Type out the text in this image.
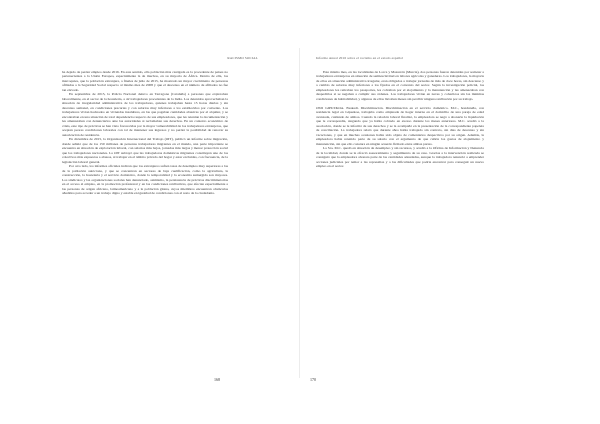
RACISMO SOCIAL

ha dejado de perder empleo desde 2016. En este sentido, ella población más castigada es la procedente de países no pertenecientes a la Unión Europea, especialmente la de muchos, en su mayoría de África. Dentro de ella, los marroquíes, que la población extranjera, a finales de julio de 2015, ha mostrado un mayor crecimiento de personas afiliadas a la Seguridad Social respecto al mismo mes de 2008 y que el descenso en el número de afiliados no fue tan elevado.

En septiembre de 2015, la Policía Nacional detuvo en Tarragona (Cataluña) a personas que explotaban laboralmente, en el sector de la hostelería, a 42 trabajadores procedentes de la India. Los detenidos aprovechaban la situación de irregularidad administrativa de los trabajadores, quienes trabajaban hasta 15 horas diarias y sin descanso semanal, en condiciones precarias y con salarios muy inferiores a los establecidos por convenio. Los trabajadores vivían hacinados en viviendas insalubres, en las que pagaban cantidades abusivas por el alquiler, y se encontraban en una situación de total dependencia respecto de sus empleadores, que les retenían la documentación y les amenazaban con denunciarlos ante las autoridades si reclamaban sus derechos. En un contexto económico de crisis, este tipo de prácticas se han visto favorecidas por la mayor vulnerabilidad de los trabajadores extranjeros, que aceptan peores condiciones laborales con tal de mantener sus ingresos y no perder la posibilidad de renovar su autorización de residencia.

En diciembre de 2015, la Organización Internacional del Trabajo (OIT), publicó un informe sobre migración, donde señaló que de los 150 millones de personas trabajadoras migrantes en el mundo, una parte importante se encuentra en situación de explotación laboral, con salarios más bajos, jornadas más largas y menor protección social que los trabajadores nacionales. La OIT subrayó que las trabajadoras domésticas migrantes constituyen uno de los colectivos más expuestos a abusos, al trabajar en el ámbito privado del hogar y estar excluidas, con frecuencia, de la legislación laboral general.

Por otro lado, los informes oficiales indican que los extranjeros sufren tasas de desempleo muy superiores a las de la población autóctona, y que se concentran en sectores de baja cualificación, como la agricultura, la construcción, la hostelería y el servicio doméstico, donde la temporalidad y la economía sumergida son mayores. Los sindicatos y las organizaciones sociales han denunciado, asimismo, la persistencia de prácticas discriminatorias en el acceso al empleo, en la promoción profesional y en las condiciones retributivas, que afectan especialmente a las personas de origen africano, latinoamericano y a la población gitana, cuyos miembros encuentran obstáculos añadidos para acceder a un trabajo digno y estable en igualdad de condiciones con el resto de la ciudadanía.

168
Informe Anual 2016 sobre el racismo en el estado español

Este mismo mes, en las localidades de Lorca y Mazarrón (Murcia), dos personas fueron detenidas por someter a trabajadores extranjeros en situación de semiesclavitud en labores agrícolas y ganaderas. Los trabajadores, la mayoría de ellos en situación administrativa irregular, eran obligados a trabajar jornadas de más de doce horas, sin descanso y a cambio de salarios muy inferiores a los fijados en el convenio del sector. Según la investigación policial, los empleadores les retiraban los pasaportes, les cobraban por el alojamiento y la manutención y les amenazaban con despedirlos si se negaban a cumplir sus órdenes. Los trabajadores vivían en naves y cobertizos sin las mínimas condiciones de habitabilidad, y algunos de ellos llevaban meses sin percibir ninguna retribución por su trabajo.

OSD GIPUZKOA. Euskadi. Discriminación. Discriminación en el servicio doméstico. M.C., hondureña, con residencia legal en Gipuzkoa, trabajaba como empleada de hogar interna en el domicilio de una pareja de edad avanzada, cuidando de ambos. Cuando la relación laboral finalizó, la empleadora se negó a abonarle la liquidación que le correspondía, alegando que ya había cobrado en exceso durante los meses anteriores. M.C. acudió a la asociación, donde se le informó de sus derechos y se la acompañó en la presentación de la correspondiente papeleta de conciliación. La trabajadora relató que durante años había trabajado sin contrato, sin días de descanso y sin vacaciones, y que en muchas ocasiones había sido objeto de comentarios despectivos por su origen. Además, la empleadora había retenido parte de su salario con el argumento de que cubría los gastos de alojamiento y manutención, sin que ello constara en ningún acuerdo firmado entre ambas partes.

La Sra. M.C. quedó en situación de desempleo y sin recursos, y acudió a la Oficina de Información y Denuncia de la localidad, donde se le ofreció asesoramiento y seguimiento de su caso. Gracias a la intervención realizada se consiguió que la empleadora abonara parte de las cantidades adeudadas, aunque la trabajadora renunció a emprender acciones judiciales por temor a las represalias y a las dificultades que podría encontrar para conseguir un nuevo empleo en el sector.

170
